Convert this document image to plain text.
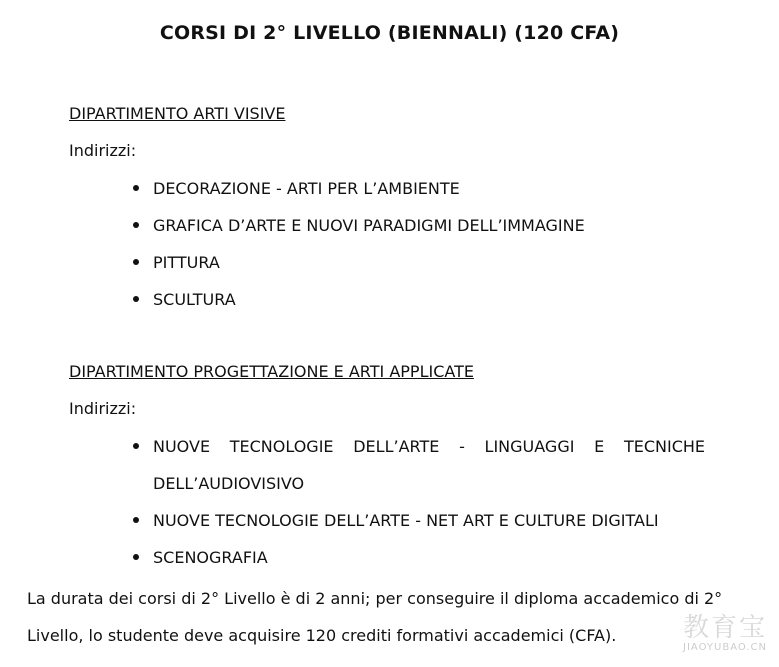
CORSI DI 2° LIVELLO (BIENNALI) (120 CFA)
DIPARTIMENTO ARTI VISIVE

Indirizzi:

DECORAZIONE - ARTI PER L’AMBIENTE
GRAFICA D’ARTE E NUOVI PARADIGMI DELL’IMMAGINE
PITTURA
SCULTURA
DIPARTIMENTO PROGETTAZIONE E ARTI APPLICATE

Indirizzi:

NUOVE TECNOLOGIE DELL’ARTE - LINGUAGGI E TECNICHE
DELL’AUDIOVISIVO
NUOVE TECNOLOGIE DELL’ARTE - NET ART E CULTURE DIGITALI
SCENOGRAFIA

La durata dei corsi di 2° Livello è di 2 anni; per conseguire il diploma accademico di 2°
Livello, lo studente deve acquisire 120 crediti formativi accademici (CFA).	教育宝
JIAOYUBAO.CN
